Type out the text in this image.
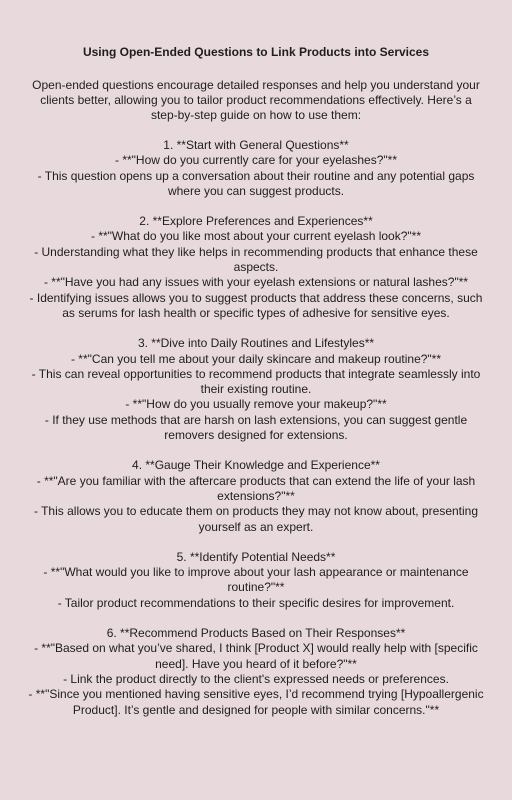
Using Open-Ended Questions to Link Products into Services
Open-ended questions encourage detailed responses and help you understand your clients better, allowing you to tailor product recommendations effectively. Here’s a step-by-step guide on how to use them:
1. **Start with General Questions**
- **"How do you currently care for your eyelashes?"**
- This question opens up a conversation about their routine and any potential gaps where you can suggest products.
2. **Explore Preferences and Experiences**
- **"What do you like most about your current eyelash look?"**
- Understanding what they like helps in recommending products that enhance these aspects.
- **"Have you had any issues with your eyelash extensions or natural lashes?"**
- Identifying issues allows you to suggest products that address these concerns, such as serums for lash health or specific types of adhesive for sensitive eyes.
3. **Dive into Daily Routines and Lifestyles**
- **"Can you tell me about your daily skincare and makeup routine?"**
- This can reveal opportunities to recommend products that integrate seamlessly into their existing routine.
- **"How do you usually remove your makeup?"**
- If they use methods that are harsh on lash extensions, you can suggest gentle removers designed for extensions.
4. **Gauge Their Knowledge and Experience**
- **"Are you familiar with the aftercare products that can extend the life of your lash extensions?"**
- This allows you to educate them on products they may not know about, presenting yourself as an expert.
5. **Identify Potential Needs**
- **"What would you like to improve about your lash appearance or maintenance routine?"**
- Tailor product recommendations to their specific desires for improvement.
6. **Recommend Products Based on Their Responses**
- **"Based on what you’ve shared, I think [Product X] would really help with [specific need]. Have you heard of it before?"**
- Link the product directly to the client's expressed needs or preferences.
- **"Since you mentioned having sensitive eyes, I’d recommend trying [Hypoallergenic Product]. It’s gentle and designed for people with similar concerns."**
